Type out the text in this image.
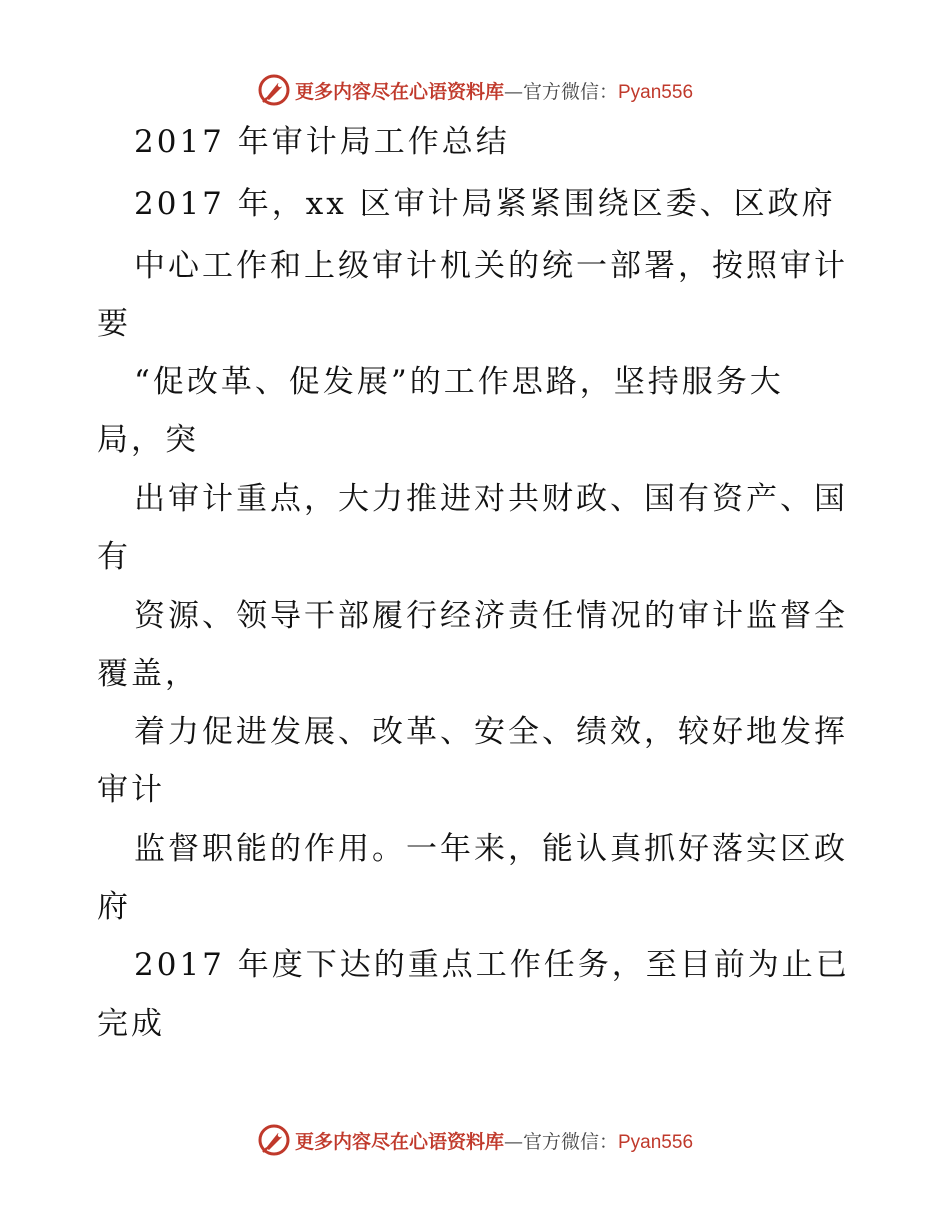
更多内容尽在心语资料库—官方微信：Pyan556
2017 年审计局工作总结
2017 年，xx 区审计局紧紧围绕区委、区政府
中心工作和上级审计机关的统一部署，按照审计
要
“促改革、促发展”的工作思路，坚持服务大
局，突
出审计重点，大力推进对共财政、国有资产、国
有
资源、领导干部履行经济责任情况的审计监督全
覆盖，
着力促进发展、改革、安全、绩效，较好地发挥
审计
监督职能的作用。一年来，能认真抓好落实区政
府
2017 年度下达的重点工作任务，至目前为止已
完成
更多内容尽在心语资料库—官方微信：Pyan556
